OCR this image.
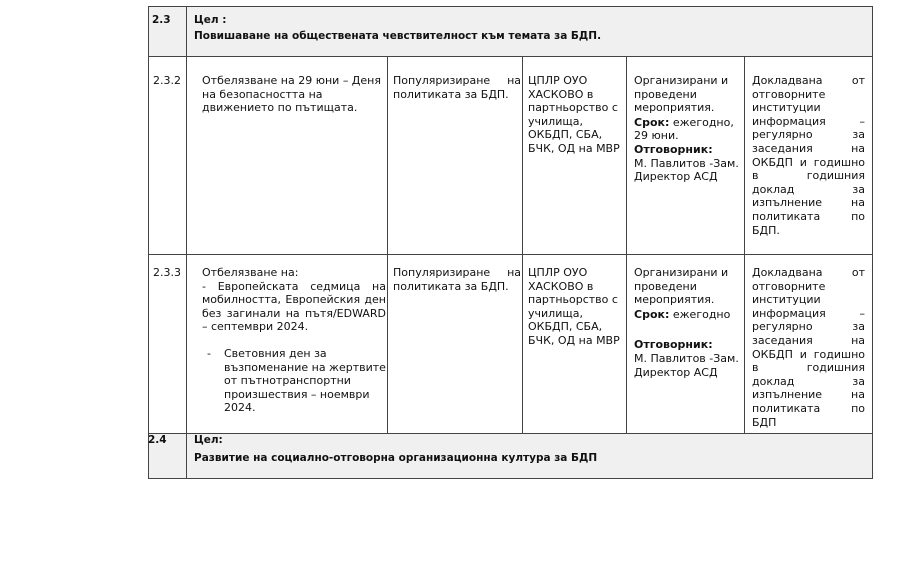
2.3 Цел :
Повишаване на обществената чевствителност към темата за БДП.
2.3.2 Отбелязване на 29 юни – Деня на безопасността на движението по пътищата.
Популяризиране на политиката за БДП.
ЦПЛР ОУО ХАСКОВО в партньорство с училища, ОКБДП, СБА, БЧК, ОД на МВР
Организирани и проведени мероприятия.
Срок: ежегодно, 29 юни.
Отговорник:
М. Павлитов -Зам. Директор АСД
Докладвана от отговорните институции информация – регулярно за заседания на ОКБДП и годишно в годишния доклад за изпълнение на политиката по БДП.
2.3.3 Отбелязване на:
- Европейската седмица на мобилността, Европейския ден без загинали на пътя/EDWARD – септември 2024.
- Световния ден за възпоменание на жертвите от пътнотранспортни произшествия – ноември 2024.
Популяризиране на политиката за БДП.
ЦПЛР ОУО ХАСКОВО в партньорство с училища, ОКБДП, СБА, БЧК, ОД на МВР
Организирани и проведени мероприятия.
Срок: ежегодно
Отговорник:
М. Павлитов -Зам. Директор АСД
Докладвана от отговорните институции информация – регулярно за заседания на ОКБДП и годишно в годишния доклад за изпълнение на политиката по БДП
2.4	Цел:
Развитие на социално-отговорна организационна култура за БДП
